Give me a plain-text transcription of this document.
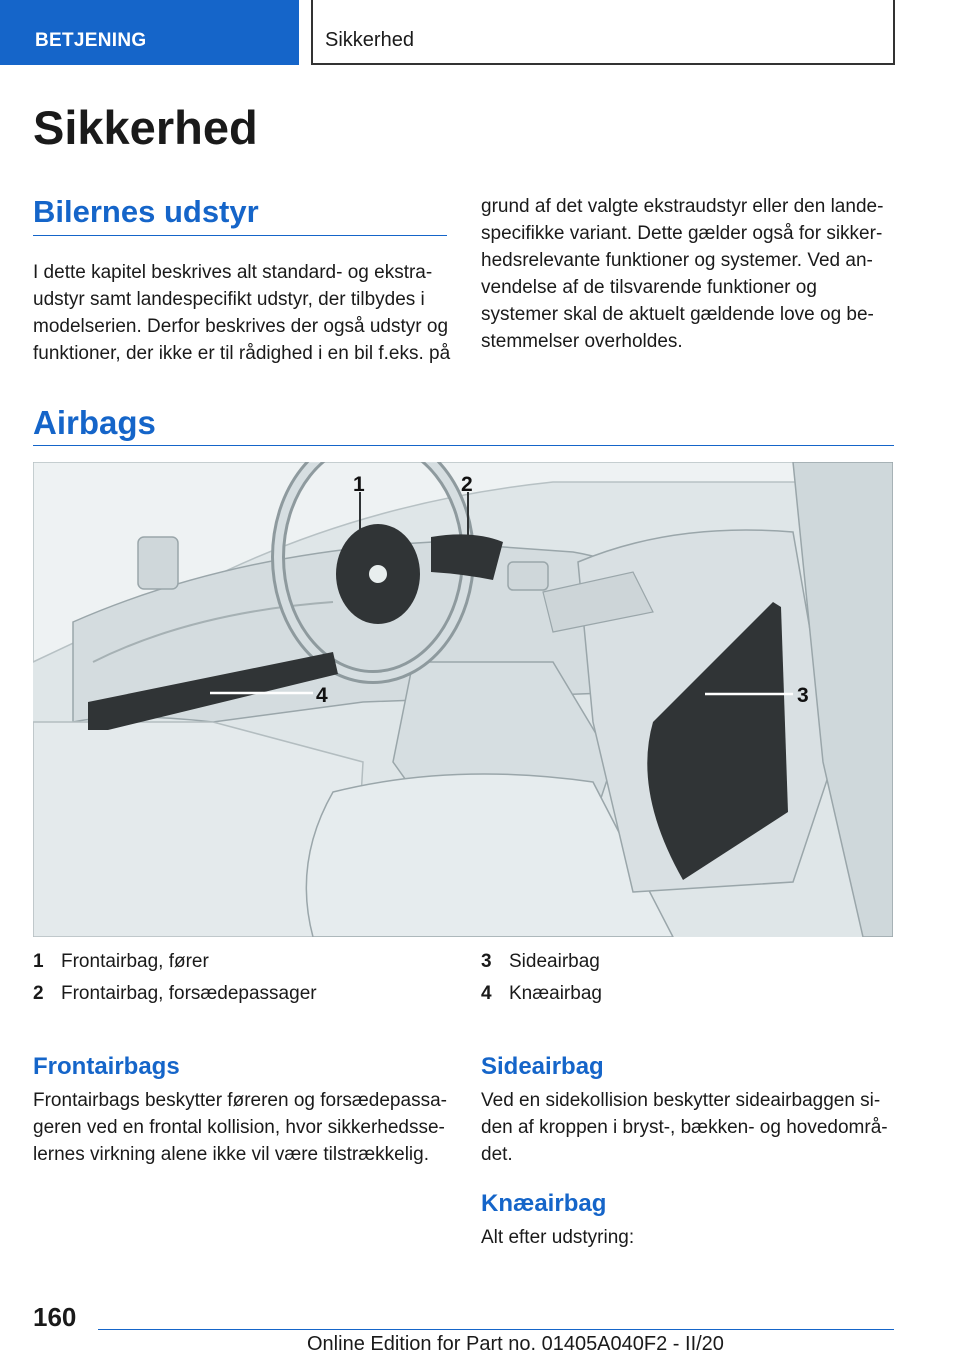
BETJENING	Sikkerhed
Sikkerhed
Bilernes udstyr
I dette kapitel beskrives alt standard- og ekstra-
udstyr samt landespecifikt udstyr, der tilbydes i
modelserien. Derfor beskrives der også udstyr og
funktioner, der ikke er til rådighed i en bil f.eks. på
grund af det valgte ekstraudstyr eller den lande-
specifikke variant. Dette gælder også for sikker-
hedsrelevante funktioner og systemer. Ved an-
vendelse af de tilsvarende funktioner og
systemer skal de aktuelt gældende love og be-
stemmelser overholdes.
Airbags
1	2
3
4
1 Frontairbag, fører
2 Frontairbag, forsædepassager
3 Sideairbag
4 Knæairbag
Frontairbags
Frontairbags beskytter føreren og forsædepassa-
geren ved en frontal kollision, hvor sikkerhedsse-
lernes virkning alene ikke vil være tilstrækkelig.
Sideairbag
Ved en sidekollision beskytter sideairbaggen si-
den af kroppen i bryst-, bækken- og hovedområ-
det.
Knæairbag
Alt efter udstyring:
160
Online Edition for Part no. 01405A040F2 - II/20
